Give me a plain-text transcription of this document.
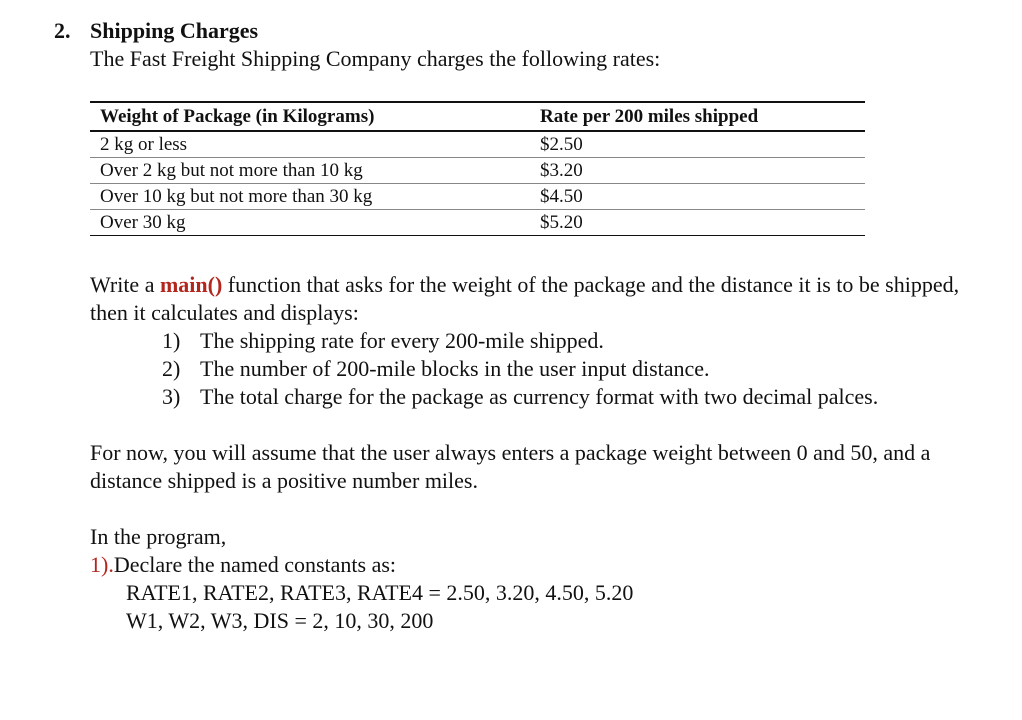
2. Shipping Charges
The Fast Freight Shipping Company charges the following rates:
Weight of Package (in Kilograms)	Rate per 200 miles shipped
2 kg or less	$2.50
Over 2 kg but not more than 10 kg	$3.20
Over 10 kg but not more than 30 kg	$4.50
Over 30 kg	$5.20
Write a main() function that asks for the weight of the package and the distance it is to be shipped, then it calculates and displays:
1) The shipping rate for every 200-mile shipped.
2) The number of 200-mile blocks in the user input distance.
3) The total charge for the package as currency format with two decimal palces.
For now, you will assume that the user always enters a package weight between 0 and 50, and a distance shipped is a positive number miles.
In the program,
1).Declare the named constants as:
RATE1, RATE2, RATE3, RATE4 = 2.50, 3.20, 4.50, 5.20
W1, W2, W3, DIS = 2, 10, 30, 200
